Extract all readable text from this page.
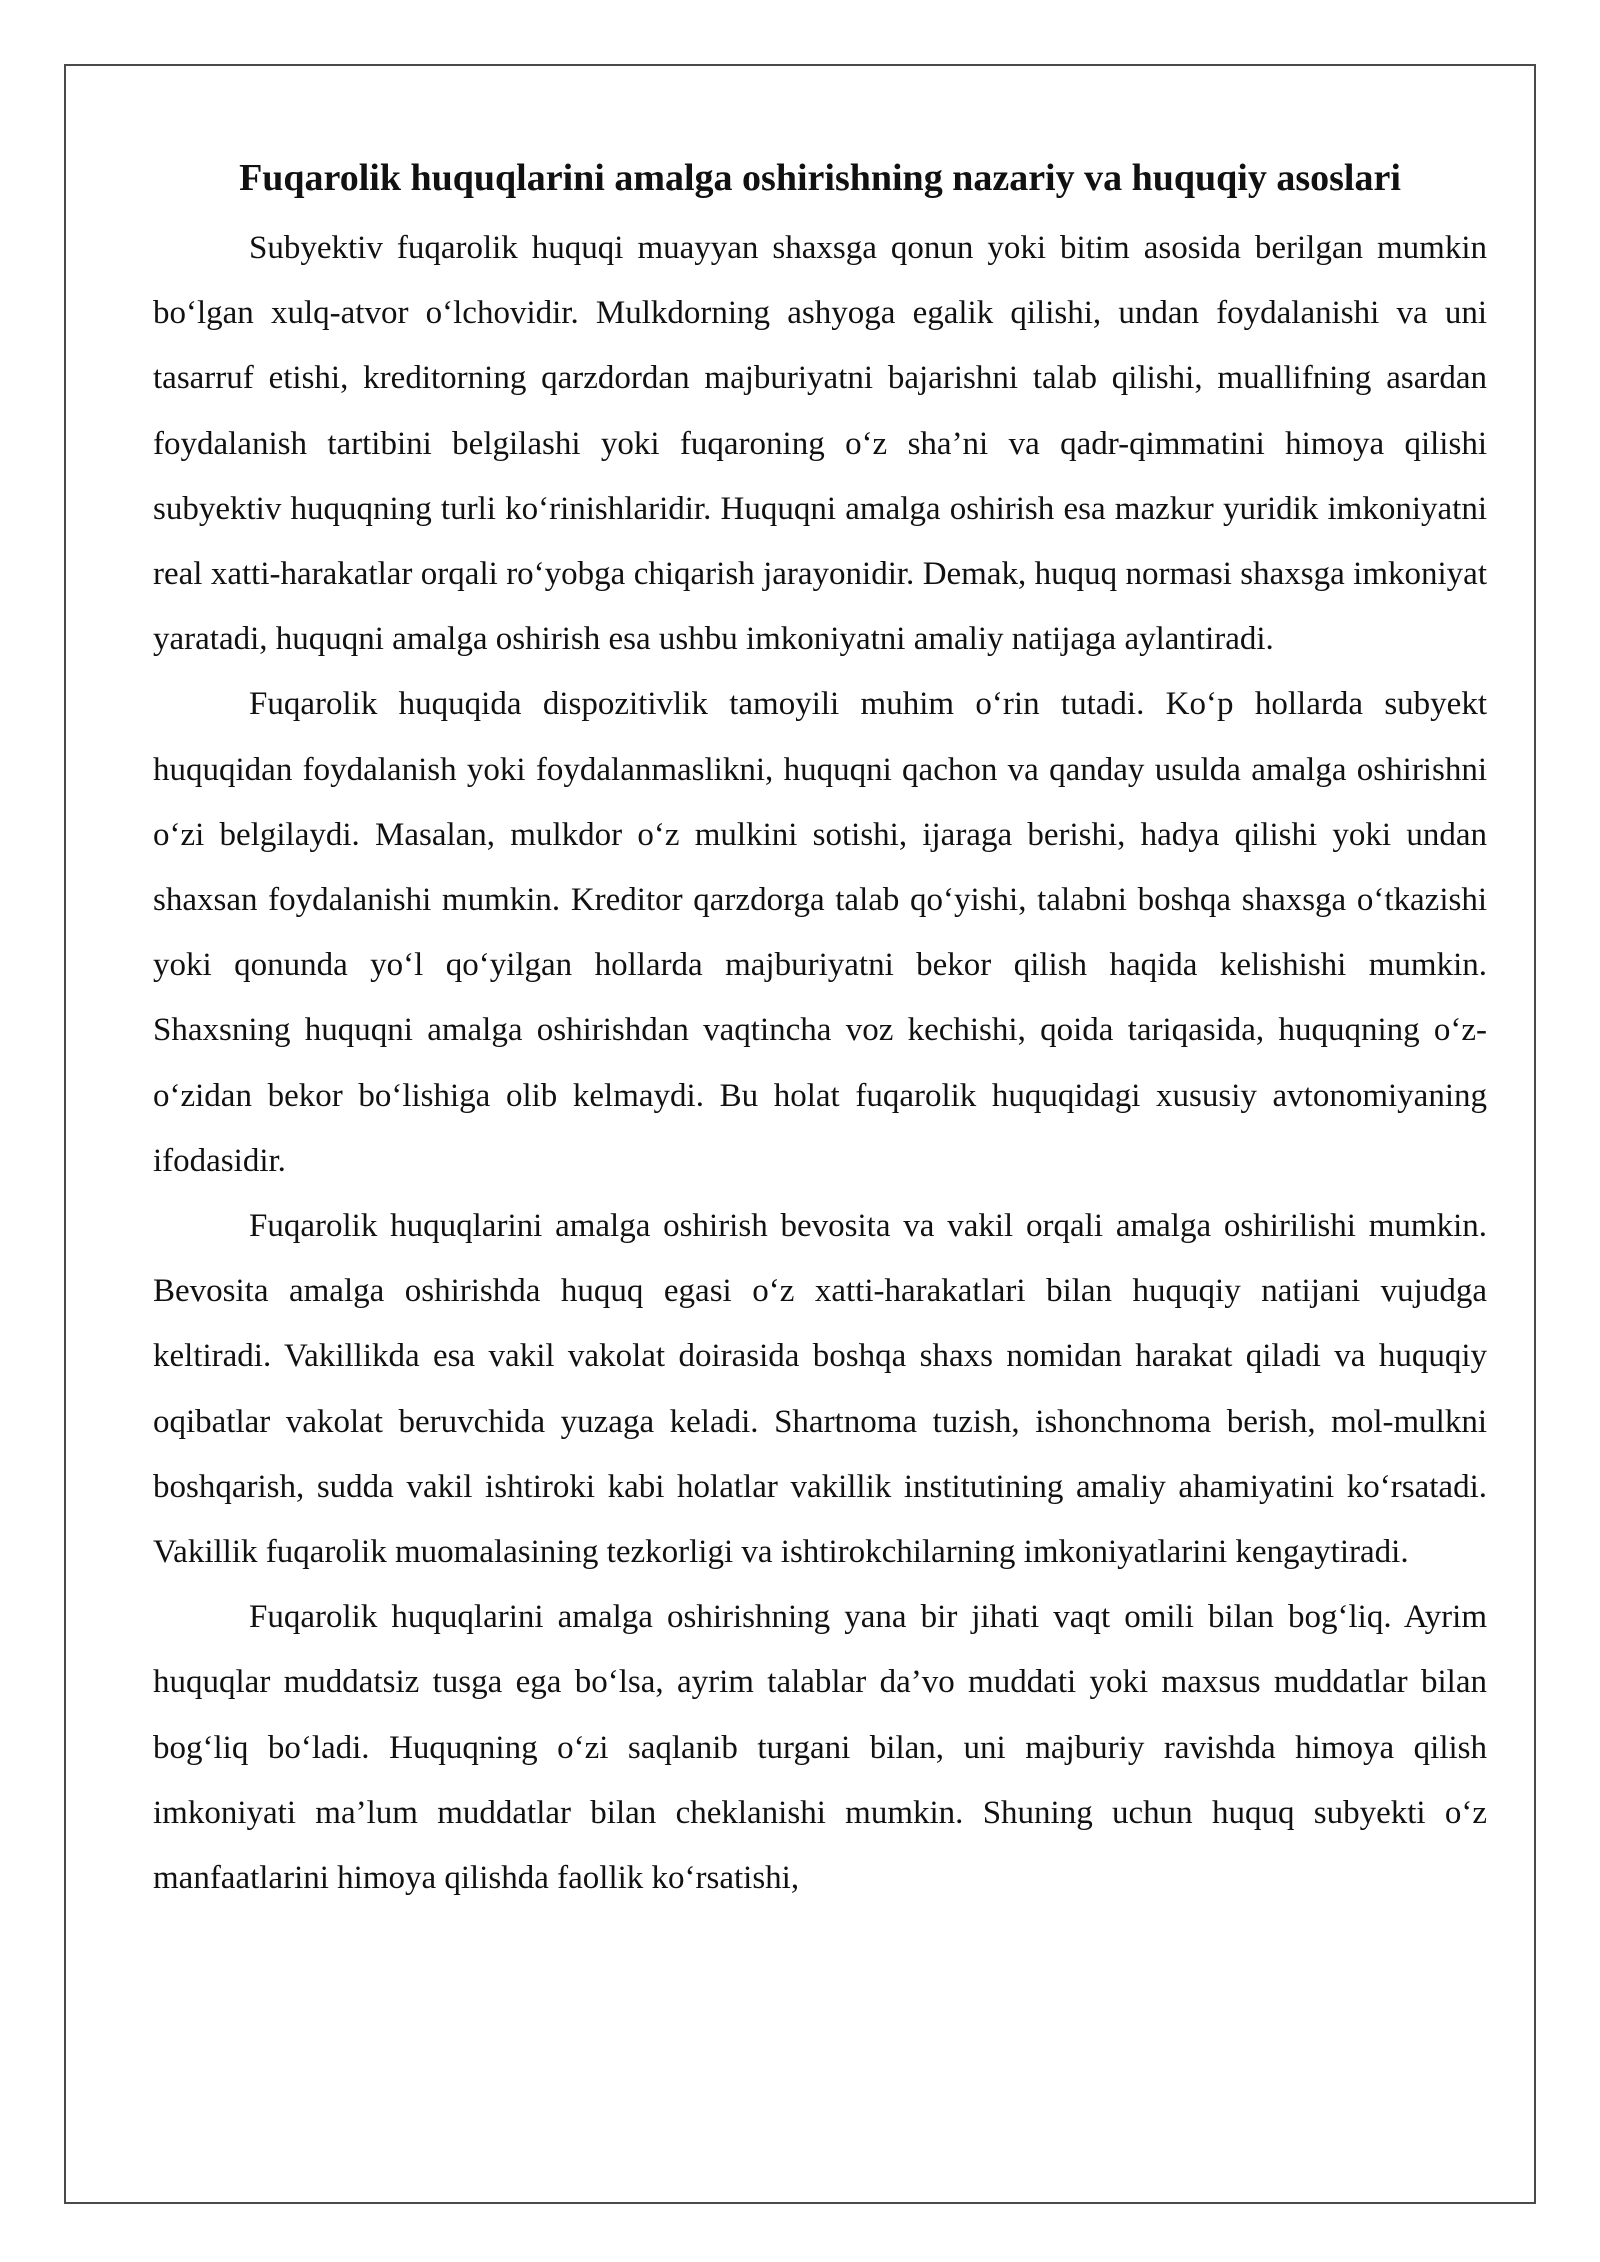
Fuqarolik huquqlarini amalga oshirishning nazariy va huquqiy asoslari

Subyektiv fuqarolik huquqi muayyan shaxsga qonun yoki bitim asosida berilgan mumkin bo‘lgan xulq-atvor o‘lchovidir. Mulkdorning ashyoga egalik qilishi, undan foydalanishi va uni tasarruf etishi, kreditorning qarzdordan majburiyatni bajarishni talab qilishi, muallifning asardan foydalanish tartibini belgilashi yoki fuqaroning o‘z sha’ni va qadr-qimmatini himoya qilishi subyektiv huquqning turli ko‘rinishlaridir. Huquqni amalga oshirish esa mazkur yuridik imkoniyatni real xatti-harakatlar orqali ro‘yobga chiqarish jarayonidir. Demak, huquq normasi shaxsga imkoniyat yaratadi, huquqni amalga oshirish esa ushbu imkoniyatni amaliy natijaga aylantiradi.

Fuqarolik huquqida dispozitivlik tamoyili muhim o‘rin tutadi. Ko‘p hollarda subyekt huquqidan foydalanish yoki foydalanmaslikni, huquqni qachon va qanday usulda amalga oshirishni o‘zi belgilaydi. Masalan, mulkdor o‘z mulkini sotishi, ijaraga berishi, hadya qilishi yoki undan shaxsan foydalanishi mumkin. Kreditor qarzdorga talab qo‘yishi, talabni boshqa shaxsga o‘tkazishi yoki qonunda yo‘l qo‘yilgan hollarda majburiyatni bekor qilish haqida kelishishi mumkin. Shaxsning huquqni amalga oshirishdan vaqtincha voz kechishi, qoida tariqasida, huquqning o‘z-o‘zidan bekor bo‘lishiga olib kelmaydi. Bu holat fuqarolik huquqidagi xususiy avtonomiyaning ifodasidir.

Fuqarolik huquqlarini amalga oshirish bevosita va vakil orqali amalga oshirilishi mumkin. Bevosita amalga oshirishda huquq egasi o‘z xatti-harakatlari bilan huquqiy natijani vujudga keltiradi. Vakillikda esa vakil vakolat doirasida boshqa shaxs nomidan harakat qiladi va huquqiy oqibatlar vakolat beruvchida yuzaga keladi. Shartnoma tuzish, ishonchnoma berish, mol-mulkni boshqarish, sudda vakil ishtiroki kabi holatlar vakillik institutining amaliy ahamiyatini ko‘rsatadi. Vakillik fuqarolik muomalasining tezkorligi va ishtirokchilarning imkoniyatlarini kengaytiradi.

Fuqarolik huquqlarini amalga oshirishning yana bir jihati vaqt omili bilan bog‘liq. Ayrim huquqlar muddatsiz tusga ega bo‘lsa, ayrim talablar da’vo muddati yoki maxsus muddatlar bilan bog‘liq bo‘ladi. Huquqning o‘zi saqlanib turgani bilan, uni majburiy ravishda himoya qilish imkoniyati ma’lum muddatlar bilan cheklanishi mumkin. Shuning uchun huquq subyekti o‘z manfaatlarini himoya qilishda faollik ko‘rsatishi,
